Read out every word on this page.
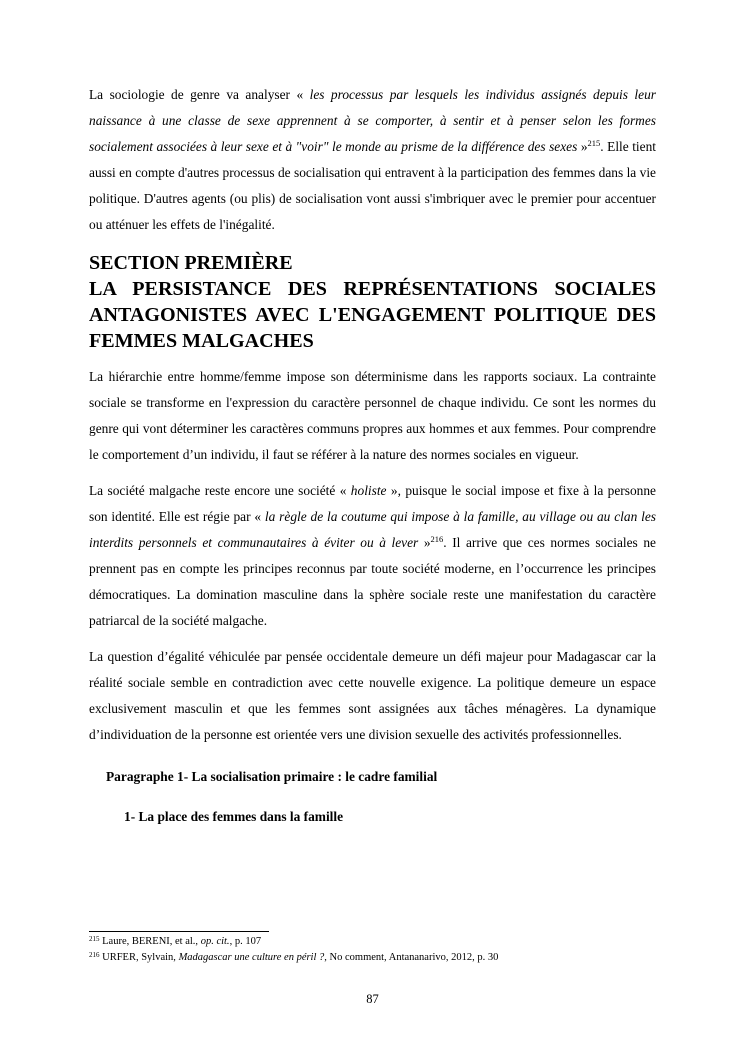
La sociologie de genre va analyser « les processus par lesquels les individus assignés depuis leur naissance à une classe de sexe apprennent à se comporter, à sentir et à penser selon les formes socialement associées à leur sexe et à "voir" le monde au prisme de la différence des sexes »$^{215}$. Elle tient aussi en compte d'autres processus de socialisation qui entravent à la participation des femmes dans la vie politique. D'autres agents (ou plis) de socialisation vont aussi s'imbriquer avec le premier pour accentuer ou atténuer les effets de l'inégalité.

SECTION PREMIÈRE
LA PERSISTANCE DES REPRÉSENTATIONS SOCIALES ANTAGONISTES AVEC L'ENGAGEMENT POLITIQUE DES FEMMES MALGACHES

La hiérarchie entre homme/femme impose son déterminisme dans les rapports sociaux. La contrainte sociale se transforme en l'expression du caractère personnel de chaque individu. Ce sont les normes du genre qui vont déterminer les caractères communs propres aux hommes et aux femmes. Pour comprendre le comportement d’un individu, il faut se référer à la nature des normes sociales en vigueur.

La société malgache reste encore une société « holiste », puisque le social impose et fixe à la personne son identité. Elle est régie par « la règle de la coutume qui impose à la famille, au village ou au clan les interdits personnels et communautaires à éviter ou à lever »$^{216}$. Il arrive que ces normes sociales ne prennent pas en compte les principes reconnus par toute société moderne, en l’occurrence les principes démocratiques. La domination masculine dans la sphère sociale reste une manifestation du caractère patriarcal de la société malgache.

La question d’égalité véhiculée par pensée occidentale demeure un défi majeur pour Madagascar car la réalité sociale semble en contradiction avec cette nouvelle exigence. La politique demeure un espace exclusivement masculin et que les femmes sont assignées aux tâches ménagères. La dynamique d’individuation de la personne est orientée vers une division sexuelle des activités professionnelles.

Paragraphe 1- La socialisation primaire : le cadre familial
1- La place des femmes dans la famille
$^{215}$ Laure, BERENI, et al., op. cit., p. 107
$^{216}$ URFER, Sylvain, Madagascar une culture en péril ?, No comment, Antananarivo, 2012, p. 30
87
